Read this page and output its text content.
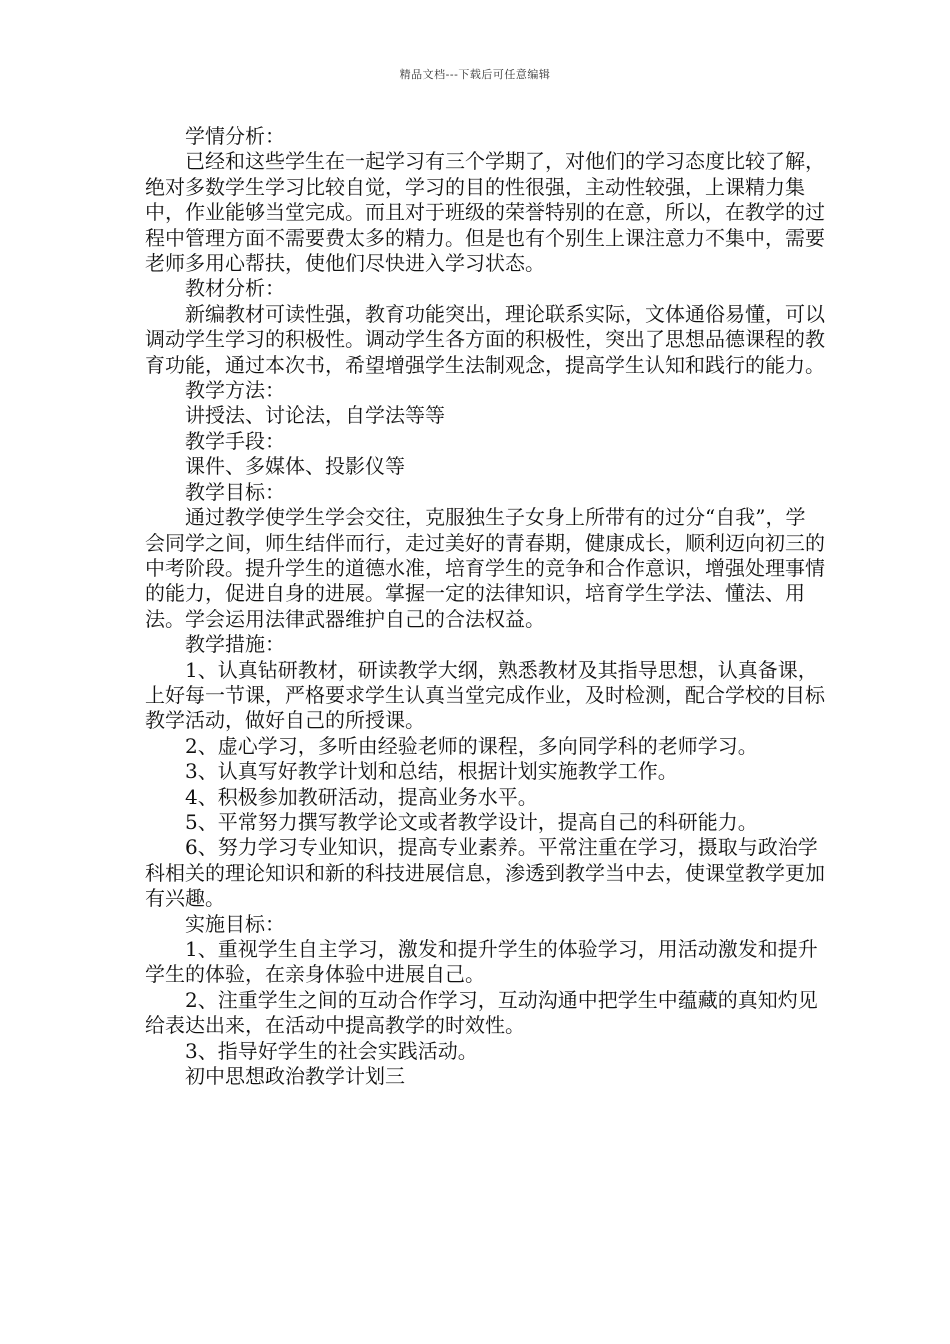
精品文档---下载后可任意编辑
学情分析：
已经和这些学生在一起学习有三个学期了，对他们的学习态度比较了解，绝对多数学生学习比较自觉，学习的目的性很强，主动性较强，上课精力集中，作业能够当堂完成。而且对于班级的荣誉特别的在意，所以，在教学的过程中管理方面不需要费太多的精力。但是也有个别生上课注意力不集中，需要老师多用心帮扶，使他们尽快进入学习状态。
教材分析：
新编教材可读性强，教育功能突出，理论联系实际，文体通俗易懂，可以调动学生学习的积极性。调动学生各方面的积极性，突出了思想品德课程的教育功能，通过本次书，希望增强学生法制观念，提高学生认知和践行的能力。
教学方法：
讲授法、讨论法，自学法等等
教学手段：
课件、多媒体、投影仪等
教学目标：
通过教学使学生学会交往，克服独生子女身上所带有的过分“自我”，学会同学之间，师生结伴而行，走过美好的青春期，健康成长，顺利迈向初三的中考阶段。提升学生的道德水准，培育学生的竞争和合作意识，增强处理事情的能力，促进自身的进展。掌握一定的法律知识，培育学生学法、懂法、用法。学会运用法律武器维护自己的合法权益。
教学措施：
1、认真钻研教材，研读教学大纲，熟悉教材及其指导思想，认真备课，上好每一节课，严格要求学生认真当堂完成作业，及时检测，配合学校的目标教学活动，做好自己的所授课。
2、虚心学习，多听由经验老师的课程，多向同学科的老师学习。
3、认真写好教学计划和总结，根据计划实施教学工作。
4、积极参加教研活动，提高业务水平。
5、平常努力撰写教学论文或者教学设计，提高自己的科研能力。
6、努力学习专业知识，提高专业素养。平常注重在学习，摄取与政治学科相关的理论知识和新的科技进展信息，渗透到教学当中去，使课堂教学更加有兴趣。
实施目标：
1、重视学生自主学习，激发和提升学生的体验学习，用活动激发和提升学生的体验，在亲身体验中进展自己。
2、注重学生之间的互动合作学习，互动沟通中把学生中蕴藏的真知灼见给表达出来，在活动中提高教学的时效性。
3、指导好学生的社会实践活动。
初中思想政治教学计划三
